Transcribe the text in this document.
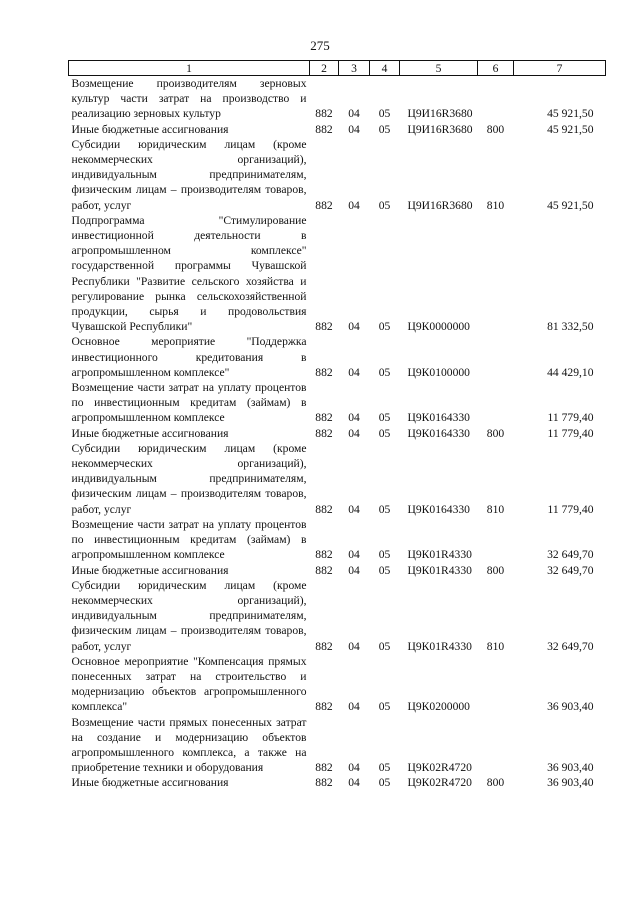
275
1	2	3	4	5	6	7
Возмещение производителям зерновых культур части затрат на производство и реализацию зерновых культур	882	04	05	Ц9И16R3680		45 921,50
Иные бюджетные ассигнования	882	04	05	Ц9И16R3680	800	45 921,50
Субсидии юридическим лицам (кроме некоммерческих организаций), индивидуальным предпринимателям, физическим лицам – производителям товаров, работ, услуг	882	04	05	Ц9И16R3680	810	45 921,50
Подпрограмма "Стимулирование инвестиционной деятельности в агропромышленном комплексе" государственной программы Чувашской Республики "Развитие сельского хозяйства и регулирование рынка сельскохозяйственной продукции, сырья и продовольствия Чувашской Республики"	882	04	05	Ц9К0000000		81 332,50
Основное мероприятие "Поддержка инвестиционного кредитования в агропромышленном комплексе"	882	04	05	Ц9К0100000		44 429,10
Возмещение части затрат на уплату процентов по инвестиционным кредитам (займам) в агропромышленном комплексе	882	04	05	Ц9К0164330		11 779,40
Иные бюджетные ассигнования	882	04	05	Ц9К0164330	800	11 779,40
Субсидии юридическим лицам (кроме некоммерческих организаций), индивидуальным предпринимателям, физическим лицам – производителям товаров, работ, услуг	882	04	05	Ц9К0164330	810	11 779,40
Возмещение части затрат на уплату процентов по инвестиционным кредитам (займам) в агропромышленном комплексе	882	04	05	Ц9К01R4330		32 649,70
Иные бюджетные ассигнования	882	04	05	Ц9К01R4330	800	32 649,70
Субсидии юридическим лицам (кроме некоммерческих организаций), индивидуальным предпринимателям, физическим лицам – производителям товаров, работ, услуг	882	04	05	Ц9К01R4330	810	32 649,70
Основное мероприятие "Компенсация прямых понесенных затрат на строительство и модернизацию объектов агропромышленного комплекса"	882	04	05	Ц9К0200000		36 903,40
Возмещение части прямых понесенных затрат на создание и модернизацию объектов агропромышленного комплекса, а также на приобретение техники и оборудования	882	04	05	Ц9К02R4720		36 903,40
Иные бюджетные ассигнования	882	04	05	Ц9К02R4720	800	36 903,40
